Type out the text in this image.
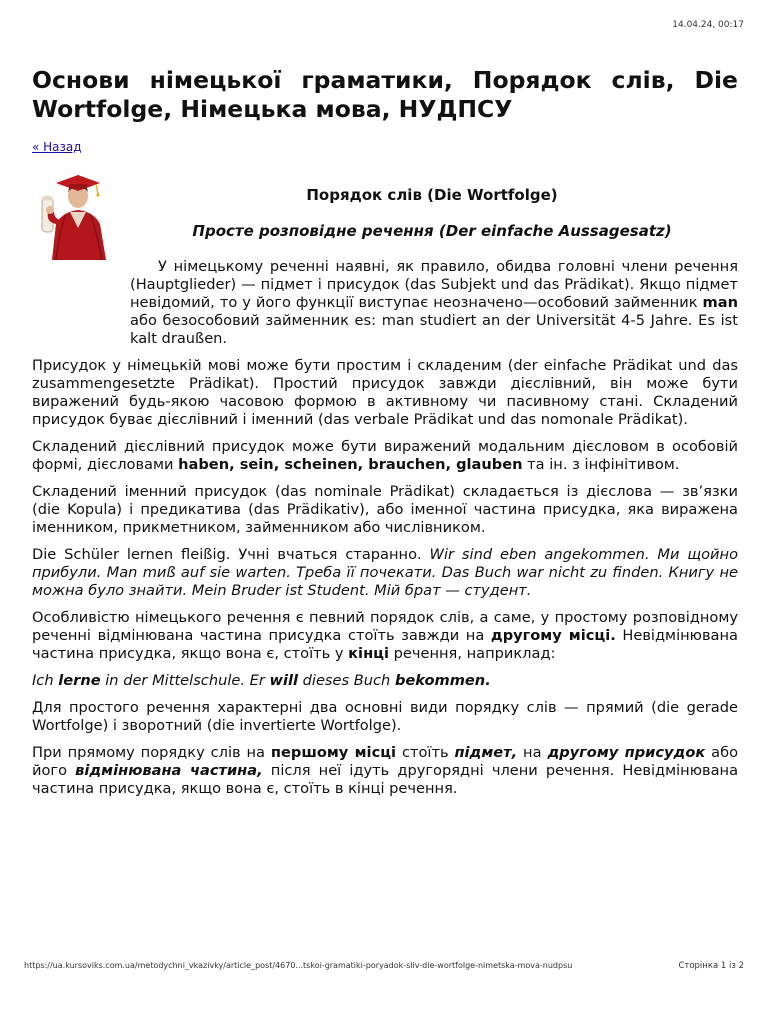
14.04.24, 00:17
Основи німецької граматики, Порядок слів, Die Wortfolge, Німецька мова, НУДПСУ
« Назад
Порядок слів (Die Wortfolge)
Просте розповідне речення (Der einfache Aussagesatz)

У німецькому реченні наявні, як правило, обидва головні члени речення (Hauptglieder) — підмет і присудок (das Subjekt und das Prädikat). Якщо підмет невідомий, то у його функції виступає неозначено—особовий займенник man або безособовий займенник es: man studiert an der Universität 4-5 Jahre. Es ist kalt draußen.

Присудок у німецькій мові може бути простим і складеним (der einfache Prädikat und das zusammengesetzte Prädikat). Простий присудок завжди дієслівний, він може бути виражений будь-якою часовою формою в активному чи пасивному стані. Складений присудок буває дієслівний і іменний (das verbale Prädikat und das nomonale Prädikat).

Складений дієслівний присудок може бути виражений модальним дієсловом в особовій формі, дієсловами haben, sein, scheinen, brauchen, glauben та ін. з інфінітивом.

Складений іменний присудок (das nominale Prädikat) складається із дієслова — зв’язки (die Kopula) і предикатива (das Prädikativ), або іменної частина присудка, яка виражена іменником, прикметником, займенником або числівником.

Die Schüler lernen fleißig. Учні вчаться старанно. Wir sind eben angekommen. Ми щойно прибули. Man mиß auf sie warten. Треба її почекати. Das Buch war nicht zu finden. Книгу не можна було знайти. Mein Bruder ist Student. Мій брат — студент.

Особливістю німецького речення є певний порядок слів, а саме, у простому розповідному реченні відмінювана частина присудка стоїть завжди на другому місці. Невідмінювана частина присудка, якщо вона є, стоїть у кінці речення, наприклад:

Ich lerne in der Mittelschule. Er will dieses Buch bekommen.

Для простого речення характерні два основні види порядку слів — прямий (die gerade Wortfolge) і зворотний (die invertierte Wortfolge).

При прямому порядку слів на першому місці стоїть підмет, на другому присудок або його відмінювана частина, після неї ідуть другорядні члени речення. Невідмінювана частина присудка, якщо вона є, стоїть в кінці речення.

https://ua.kursoviks.com.ua/metodychni_vkazivky/article_post/4670...tskoi-gramatiki-poryadok-sliv-die-wortfolge-nimetska-mova-nudpsu	Сторінка 1 із 2
